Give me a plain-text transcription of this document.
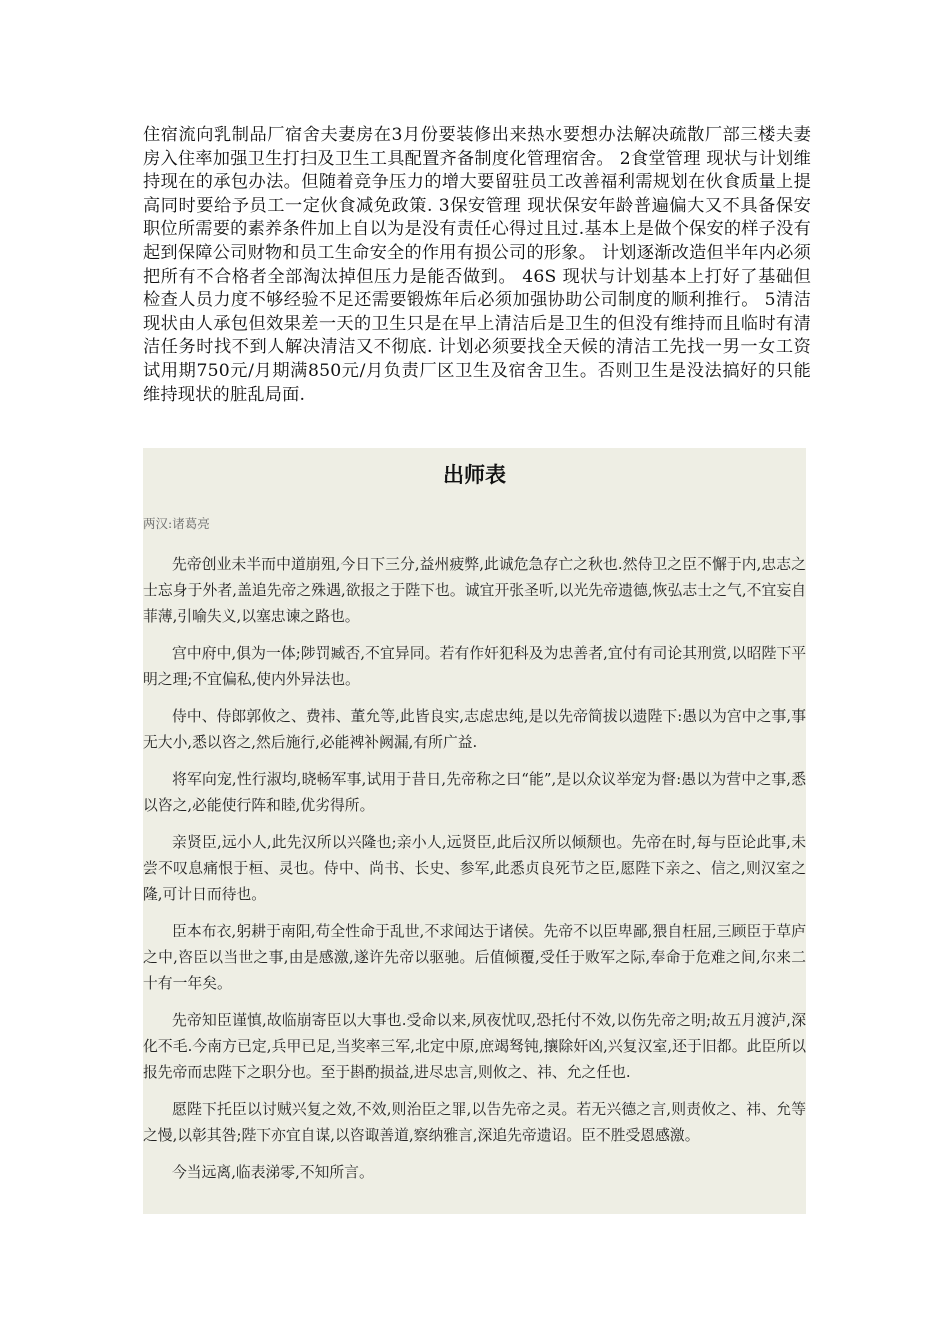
住宿流向乳制品厂宿舍夫妻房在3月份要装修出来热水要想办法解决疏散厂部三楼夫妻房入住率加强卫生打扫及卫生工具配置齐备制度化管理宿舍。 2食堂管理 现状与计划维持现在的承包办法。但随着竞争压力的增大要留驻员工改善福利需规划在伙食质量上提高同时要给予员工一定伙食减免政策. 3保安管理 现状保安年龄普遍偏大又不具备保安职位所需要的素养条件加上自以为是没有责任心得过且过.基本上是做个保安的样子没有起到保障公司财物和员工生命安全的作用有损公司的形象。 计划逐渐改造但半年内必须把所有不合格者全部淘汰掉但压力是能否做到。 46S 现状与计划基本上打好了基础但检查人员力度不够经验不足还需要锻炼年后必须加强协助公司制度的顺利推行。 5清洁 现状由人承包但效果差一天的卫生只是在早上清洁后是卫生的但没有维持而且临时有清洁任务时找不到人解决清洁又不彻底. 计划必须要找全天候的清洁工先找一男一女工资试用期750元/月期满850元/月负责厂区卫生及宿舍卫生。否则卫生是没法搞好的只能维持现状的脏乱局面.

出师表
两汉:诸葛亮

先帝创业未半而中道崩殂,今日下三分,益州疲弊,此诚危急存亡之秋也.然侍卫之臣不懈于内,忠志之士忘身于外者,盖追先帝之殊遇,欲报之于陛下也。诚宜开张圣听,以光先帝遗德,恢弘志士之气,不宜妄自菲薄,引喻失义,以塞忠谏之路也。

宫中府中,俱为一体;陟罚臧否,不宜异同。若有作奸犯科及为忠善者,宜付有司论其刑赏,以昭陛下平明之理;不宜偏私,使内外异法也。

侍中、侍郎郭攸之、费祎、董允等,此皆良实,志虑忠纯,是以先帝简拔以遗陛下:愚以为宫中之事,事无大小,悉以咨之,然后施行,必能裨补阙漏,有所广益.

将军向宠,性行淑均,晓畅军事,试用于昔日,先帝称之曰“能”,是以众议举宠为督:愚以为营中之事,悉以咨之,必能使行阵和睦,优劣得所。

亲贤臣,远小人,此先汉所以兴隆也;亲小人,远贤臣,此后汉所以倾颓也。先帝在时,每与臣论此事,未尝不叹息痛恨于桓、灵也。侍中、尚书、长史、参军,此悉贞良死节之臣,愿陛下亲之、信之,则汉室之隆,可计日而待也。

臣本布衣,躬耕于南阳,苟全性命于乱世,不求闻达于诸侯。先帝不以臣卑鄙,猥自枉屈,三顾臣于草庐之中,咨臣以当世之事,由是感激,遂许先帝以驱驰。后值倾覆,受任于败军之际,奉命于危难之间,尔来二十有一年矣。

先帝知臣谨慎,故临崩寄臣以大事也.受命以来,夙夜忧叹,恐托付不效,以伤先帝之明;故五月渡泸,深化不毛.今南方已定,兵甲已足,当奖率三军,北定中原,庶竭驽钝,攘除奸凶,兴复汉室,还于旧都。此臣所以报先帝而忠陛下之职分也。至于斟酌损益,进尽忠言,则攸之、祎、允之任也.

愿陛下托臣以讨贼兴复之效,不效,则治臣之罪,以告先帝之灵。若无兴德之言,则责攸之、祎、允等之慢,以彰其咎;陛下亦宜自谋,以咨诹善道,察纳雅言,深追先帝遗诏。臣不胜受恩感激。

今当远离,临表涕零,不知所言。
